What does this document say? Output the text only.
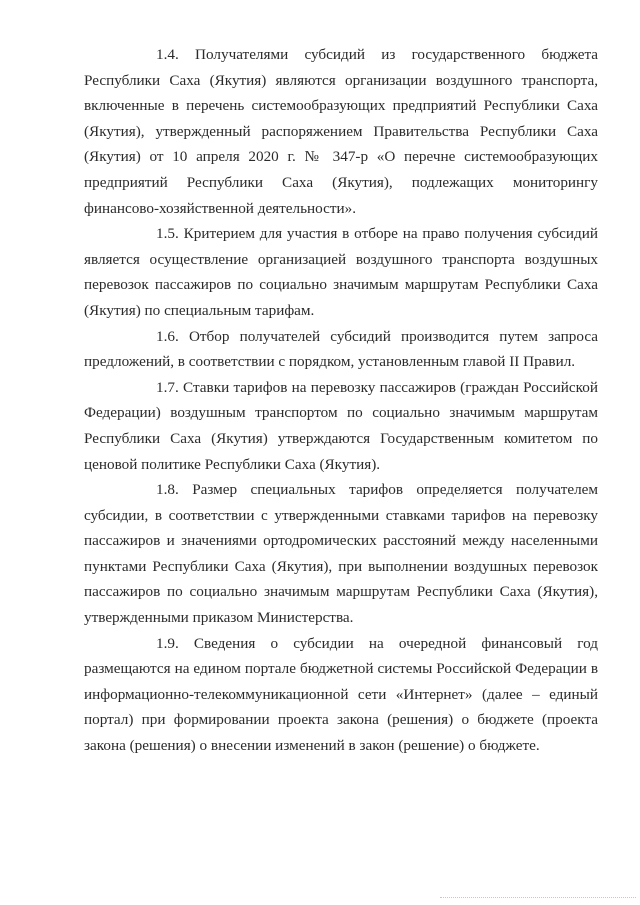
1.4. Получателями субсидий из государственного бюджета Республики Саха (Якутия) являются организации воздушного транспорта, включенные в перечень системообразующих предприятий Республики Саха (Якутия), утвержденный распоряжением Правительства Республики Саха (Якутия) от 10 апреля 2020 г. № 347-р «О перечне системообразующих предприятий Республики Саха (Якутия), подлежащих мониторингу финансово-хозяйственной деятельности».

1.5. Критерием для участия в отборе на право получения субсидий является осуществление организацией воздушного транспорта воздушных перевозок пассажиров по социально значимым маршрутам Республики Саха (Якутия) по специальным тарифам.

1.6. Отбор получателей субсидий производится путем запроса предложений, в соответствии с порядком, установленным главой II Правил.

1.7. Ставки тарифов на перевозку пассажиров (граждан Российской Федерации) воздушным транспортом по социально значимым маршрутам Республики Саха (Якутия) утверждаются Государственным комитетом по ценовой политике Республики Саха (Якутия).

1.8. Размер специальных тарифов определяется получателем субсидии, в соответствии с утвержденными ставками тарифов на перевозку пассажиров и значениями ортодромических расстояний между населенными пунктами Республики Саха (Якутия), при выполнении воздушных перевозок пассажиров по социально значимым маршрутам Республики Саха (Якутия), утвержденными приказом Министерства.

1.9. Сведения о субсидии на очередной финансовый год размещаются на едином портале бюджетной системы Российской Федерации в информационно-телекоммуникационной сети «Интернет» (далее – единый портал) при формировании проекта закона (решения) о бюджете (проекта закона (решения) о внесении изменений в закон (решение) о бюджете.
